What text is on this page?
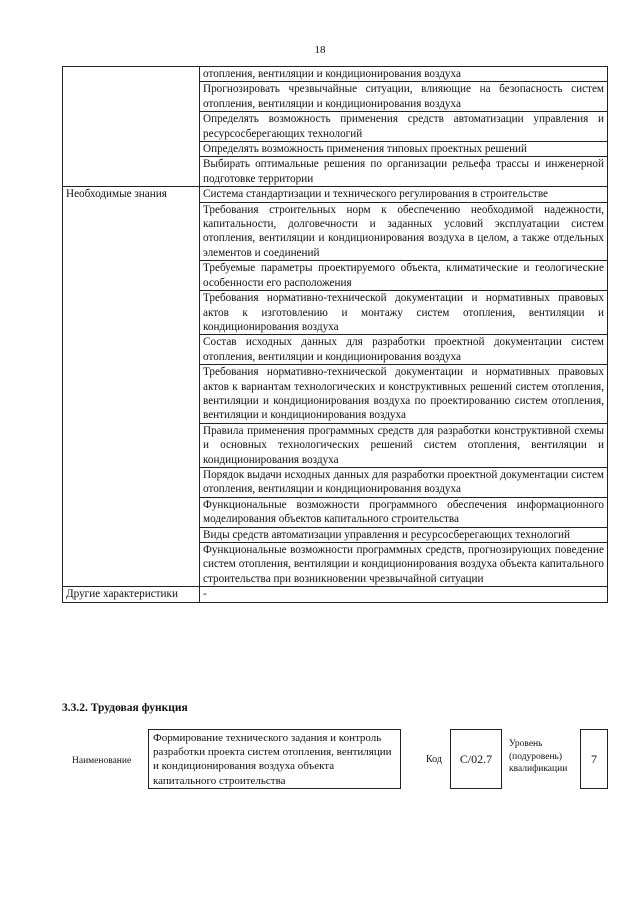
18
	отопления, вентиляции и кондиционирования воздуха
	Прогнозировать чрезвычайные ситуации, влияющие на безопасность систем отопления, вентиляции и кондиционирования воздуха
	Определять возможность применения средств автоматизации управления и ресурсосберегающих технологий
	Определять возможность применения типовых проектных решений
	Выбирать оптимальные решения по организации рельефа трассы и инженерной подготовке территории
Необходимые знания	Система стандартизации и технического регулирования в строительстве
	Требования строительных норм к обеспечению необходимой надежности, капитальности, долговечности и заданных условий эксплуатации систем отопления, вентиляции и кондиционирования воздуха в целом, а также отдельных элементов и соединений
	Требуемые параметры проектируемого объекта, климатические и геологические особенности его расположения
	Требования нормативно-технической документации и нормативных правовых актов к изготовлению и монтажу систем отопления, вентиляции и кондиционирования воздуха
	Состав исходных данных для разработки проектной документации систем отопления, вентиляции и кондиционирования воздуха
	Требования нормативно-технической документации и нормативных правовых актов к вариантам технологических и конструктивных решений систем отопления, вентиляции и кондиционирования воздуха по проектированию систем отопления, вентиляции и кондиционирования воздуха
	Правила применения программных средств для разработки конструктивной схемы и основных технологических решений систем отопления, вентиляции и кондиционирования воздуха
	Порядок выдачи исходных данных для разработки проектной документации систем отопления, вентиляции и кондиционирования воздуха
	Функциональные возможности программного обеспечения информационного моделирования объектов капитального строительства
	Виды средств автоматизации управления и ресурсосберегающих технологий
	Функциональные возможности программных средств, прогнозирующих поведение систем отопления, вентиляции и кондиционирования воздуха объекта капитального строительства при возникновении чрезвычайной ситуации
Другие характеристики	-
3.3.2. Трудовая функция
Наименование
Формирование технического задания и контроль разработки проекта систем отопления, вентиляции и кондиционирования воздуха объекта капитального строительства
Код	C/02.7
Уровень (подуровень) квалификации
7
